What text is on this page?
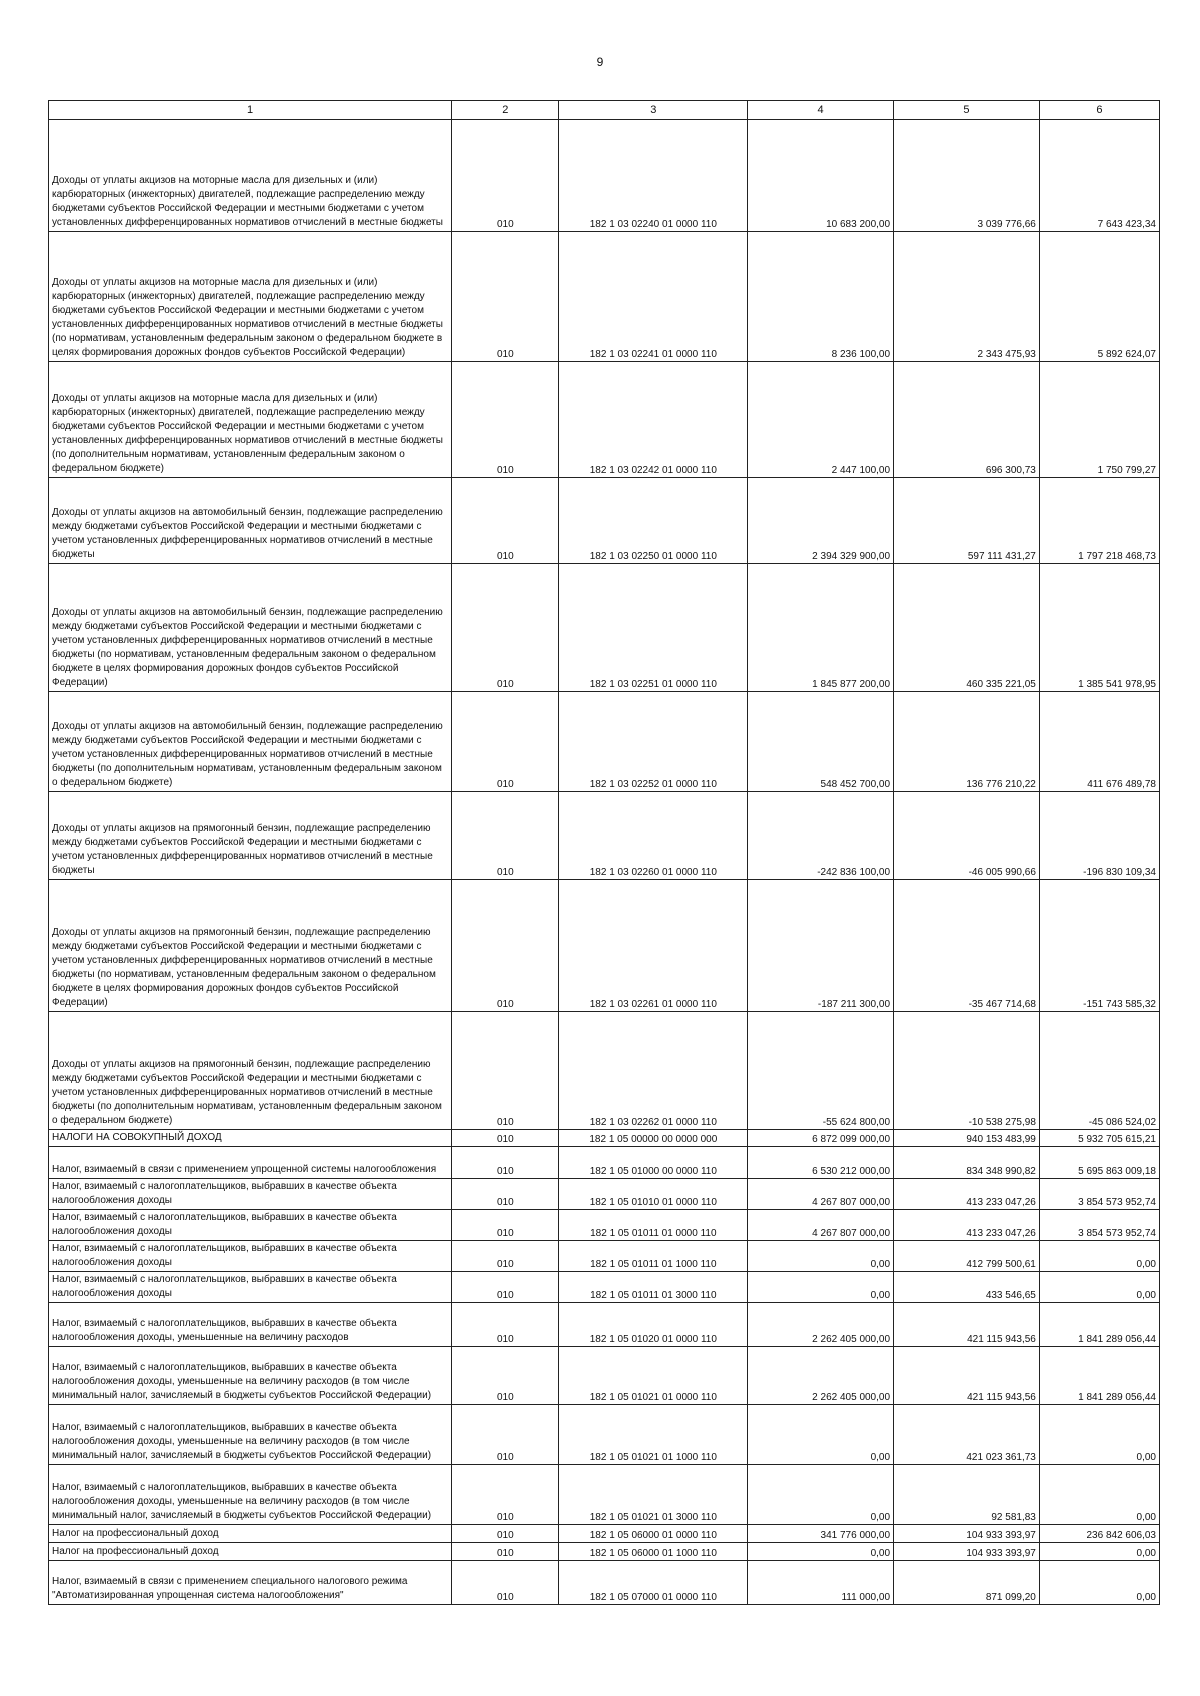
9
1	2	3	4	5	6
Доходы от уплаты акцизов на моторные масла для дизельных и (или) карбюраторных (инжекторных) двигателей, подлежащие распределению между бюджетами субъектов Российской Федерации и местными бюджетами с учетом установленных дифференцированных нормативов отчислений в местные бюджеты	010	182 1 03 02240 01 0000 110	10 683 200,00	3 039 776,66	7 643 423,34
Доходы от уплаты акцизов на моторные масла для дизельных и (или) карбюраторных (инжекторных) двигателей, подлежащие распределению между бюджетами субъектов Российской Федерации и местными бюджетами с учетом установленных дифференцированных нормативов отчислений в местные бюджеты (по нормативам, установленным федеральным законом о федеральном бюджете в целях формирования дорожных фондов субъектов Российской Федерации)	010	182 1 03 02241 01 0000 110	8 236 100,00	2 343 475,93	5 892 624,07
Доходы от уплаты акцизов на моторные масла для дизельных и (или) карбюраторных (инжекторных) двигателей, подлежащие распределению между бюджетами субъектов Российской Федерации и местными бюджетами с учетом установленных дифференцированных нормативов отчислений в местные бюджеты (по дополнительным нормативам, установленным федеральным законом о федеральном бюджете)	010	182 1 03 02242 01 0000 110	2 447 100,00	696 300,73	1 750 799,27
Доходы от уплаты акцизов на автомобильный бензин, подлежащие распределению между бюджетами субъектов Российской Федерации и местными бюджетами с учетом установленных дифференцированных нормативов отчислений в местные бюджеты	010	182 1 03 02250 01 0000 110	2 394 329 900,00	597 111 431,27	1 797 218 468,73
Доходы от уплаты акцизов на автомобильный бензин, подлежащие распределению между бюджетами субъектов Российской Федерации и местными бюджетами с учетом установленных дифференцированных нормативов отчислений в местные бюджеты (по нормативам, установленным федеральным законом о федеральном бюджете в целях формирования дорожных фондов субъектов Российской Федерации)	010	182 1 03 02251 01 0000 110	1 845 877 200,00	460 335 221,05	1 385 541 978,95
Доходы от уплаты акцизов на автомобильный бензин, подлежащие распределению между бюджетами субъектов Российской Федерации и местными бюджетами с учетом установленных дифференцированных нормативов отчислений в местные бюджеты (по дополнительным нормативам, установленным федеральным законом о федеральном бюджете)	010	182 1 03 02252 01 0000 110	548 452 700,00	136 776 210,22	411 676 489,78
Доходы от уплаты акцизов на прямогонный бензин, подлежащие распределению между бюджетами субъектов Российской Федерации и местными бюджетами с учетом установленных дифференцированных нормативов отчислений в местные бюджеты	010	182 1 03 02260 01 0000 110	-242 836 100,00	-46 005 990,66	-196 830 109,34
Доходы от уплаты акцизов на прямогонный бензин, подлежащие распределению между бюджетами субъектов Российской Федерации и местными бюджетами с учетом установленных дифференцированных нормативов отчислений в местные бюджеты (по нормативам, установленным федеральным законом о федеральном бюджете в целях формирования дорожных фондов субъектов Российской Федерации)	010	182 1 03 02261 01 0000 110	-187 211 300,00	-35 467 714,68	-151 743 585,32
Доходы от уплаты акцизов на прямогонный бензин, подлежащие распределению между бюджетами субъектов Российской Федерации и местными бюджетами с учетом установленных дифференцированных нормативов отчислений в местные бюджеты (по дополнительным нормативам, установленным федеральным законом о федеральном бюджете)	010	182 1 03 02262 01 0000 110	-55 624 800,00	-10 538 275,98	-45 086 524,02
НАЛОГИ НА СОВОКУПНЫЙ ДОХОД	010	182 1 05 00000 00 0000 000	6 872 099 000,00	940 153 483,99	5 932 705 615,21
Налог, взимаемый в связи с применением упрощенной системы налогообложения	010	182 1 05 01000 00 0000 110	6 530 212 000,00	834 348 990,82	5 695 863 009,18
Налог, взимаемый с налогоплательщиков, выбравших в качестве объекта налогообложения доходы	010	182 1 05 01010 01 0000 110	4 267 807 000,00	413 233 047,26	3 854 573 952,74
Налог, взимаемый с налогоплательщиков, выбравших в качестве объекта налогообложения доходы	010	182 1 05 01011 01 0000 110	4 267 807 000,00	413 233 047,26	3 854 573 952,74
Налог, взимаемый с налогоплательщиков, выбравших в качестве объекта налогообложения доходы	010	182 1 05 01011 01 1000 110	0,00	412 799 500,61	0,00
Налог, взимаемый с налогоплательщиков, выбравших в качестве объекта налогообложения доходы	010	182 1 05 01011 01 3000 110	0,00	433 546,65	0,00
Налог, взимаемый с налогоплательщиков, выбравших в качестве объекта налогообложения доходы, уменьшенные на величину расходов	010	182 1 05 01020 01 0000 110	2 262 405 000,00	421 115 943,56	1 841 289 056,44
Налог, взимаемый с налогоплательщиков, выбравших в качестве объекта налогообложения доходы, уменьшенные на величину расходов (в том числе минимальный налог, зачисляемый в бюджеты субъектов Российской Федерации)	010	182 1 05 01021 01 0000 110	2 262 405 000,00	421 115 943,56	1 841 289 056,44
Налог, взимаемый с налогоплательщиков, выбравших в качестве объекта налогообложения доходы, уменьшенные на величину расходов (в том числе минимальный налог, зачисляемый в бюджеты субъектов Российской Федерации)	010	182 1 05 01021 01 1000 110	0,00	421 023 361,73	0,00
Налог, взимаемый с налогоплательщиков, выбравших в качестве объекта налогообложения доходы, уменьшенные на величину расходов (в том числе минимальный налог, зачисляемый в бюджеты субъектов Российской Федерации)	010	182 1 05 01021 01 3000 110	0,00	92 581,83	0,00
Налог на профессиональный доход	010	182 1 05 06000 01 0000 110	341 776 000,00	104 933 393,97	236 842 606,03
Налог на профессиональный доход	010	182 1 05 06000 01 1000 110	0,00	104 933 393,97	0,00
Налог, взимаемый в связи с применением специального налогового режима "Автоматизированная упрощенная система налогообложения"	010	182 1 05 07000 01 0000 110	111 000,00	871 099,20	0,00
